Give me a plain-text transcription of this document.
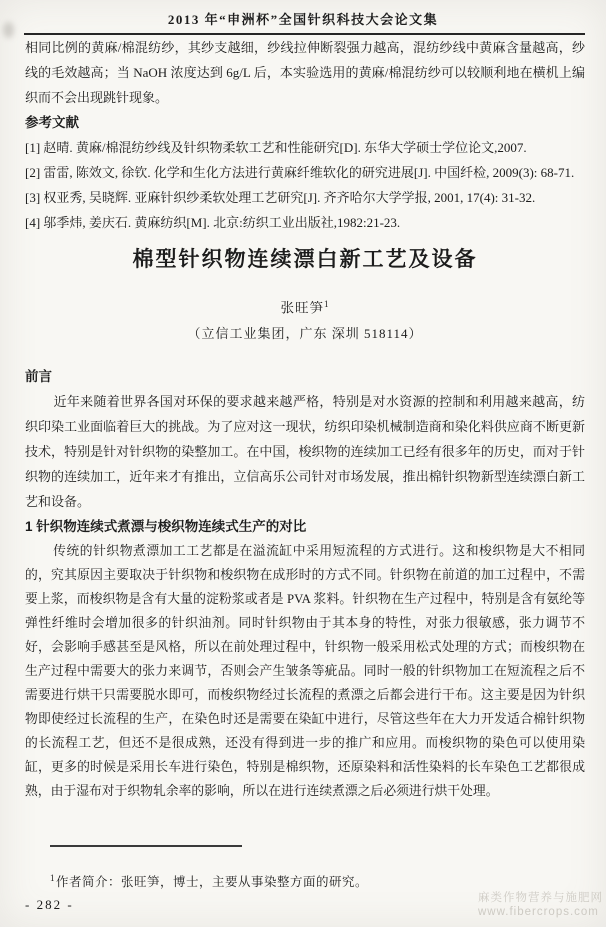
2013 年“申洲杯”全国针织科技大会论文集

相同比例的黄麻/棉混纺纱，其纱支越细，纱线拉伸断裂强力越高，混纺纱线中黄麻含量越高，纱线的毛效越高；当 NaOH 浓度达到 6g/L 后，本实验选用的黄麻/棉混纺纱可以较顺利地在横机上编织而不会出现跳针现象。

参考文献

[1] 赵晴. 黄麻/棉混纺纱线及针织物柔软工艺和性能研究[D]. 东华大学硕士学位论文,2007.

[2] 雷雷, 陈效文, 徐钦. 化学和生化方法进行黄麻纤维软化的研究进展[J]. 中国纤检, 2009(3): 68-71.

[3] 权亚秀, 吴晓辉. 亚麻针织纱柔软处理工艺研究[J]. 齐齐哈尔大学学报, 2001, 17(4): 31-32.

[4] 邬季炜, 姜庆石. 黄麻纺织[M]. 北京:纺织工业出版社,1982:21-23.

棉型针织物连续漂白新工艺及设备
张旺笋$^1$
（立信工业集团，广东 深圳 518114）
前言

近年来随着世界各国对环保的要求越来越严格，特别是对水资源的控制和利用越来越高，纺织印染工业面临着巨大的挑战。为了应对这一现状，纺织印染机械制造商和染化料供应商不断更新技术，特别是针对针织物的染整加工。在中国，梭织物的连续加工已经有很多年的历史，而对于针织物的连续加工，近年来才有推出，立信高乐公司针对市场发展，推出棉针织物新型连续漂白新工艺和设备。

1 针织物连续式煮漂与梭织物连续式生产的对比

传统的针织物煮漂加工工艺都是在溢流缸中采用短流程的方式进行。这和梭织物是大不相同的，究其原因主要取决于针织物和梭织物在成形时的方式不同。针织物在前道的加工过程中，不需要上浆，而梭织物是含有大量的淀粉浆或者是 PVA 浆料。针织物在生产过程中，特别是含有氨纶等弹性纤维时会增加很多的针织油剂。同时针织物由于其本身的特性，对张力很敏感，张力调节不好，会影响手感甚至是风格，所以在前处理过程中，针织物一般采用松式处理的方式；而梭织物在生产过程中需要大的张力来调节，否则会产生皱条等疵品。同时一般的针织物加工在短流程之后不需要进行烘干只需要脱水即可，而梭织物经过长流程的煮漂之后都会进行干布。这主要是因为针织物即使经过长流程的生产，在染色时还是需要在染缸中进行，尽管这些年在大力开发适合棉针织物的长流程工艺，但还不是很成熟，还没有得到进一步的推广和应用。而梭织物的染色可以使用染缸，更多的时候是采用长车进行染色，特别是棉织物，还原染料和活性染料的长车染色工艺都很成熟，由于湿布对于织物轧余率的影响，所以在进行连续煮漂之后必须进行烘干处理。

$^1$作者简介：张旺笋，博士，主要从事染整方面的研究。
- 282 -	麻类作物营养与施肥网
www.fibercrops.com
